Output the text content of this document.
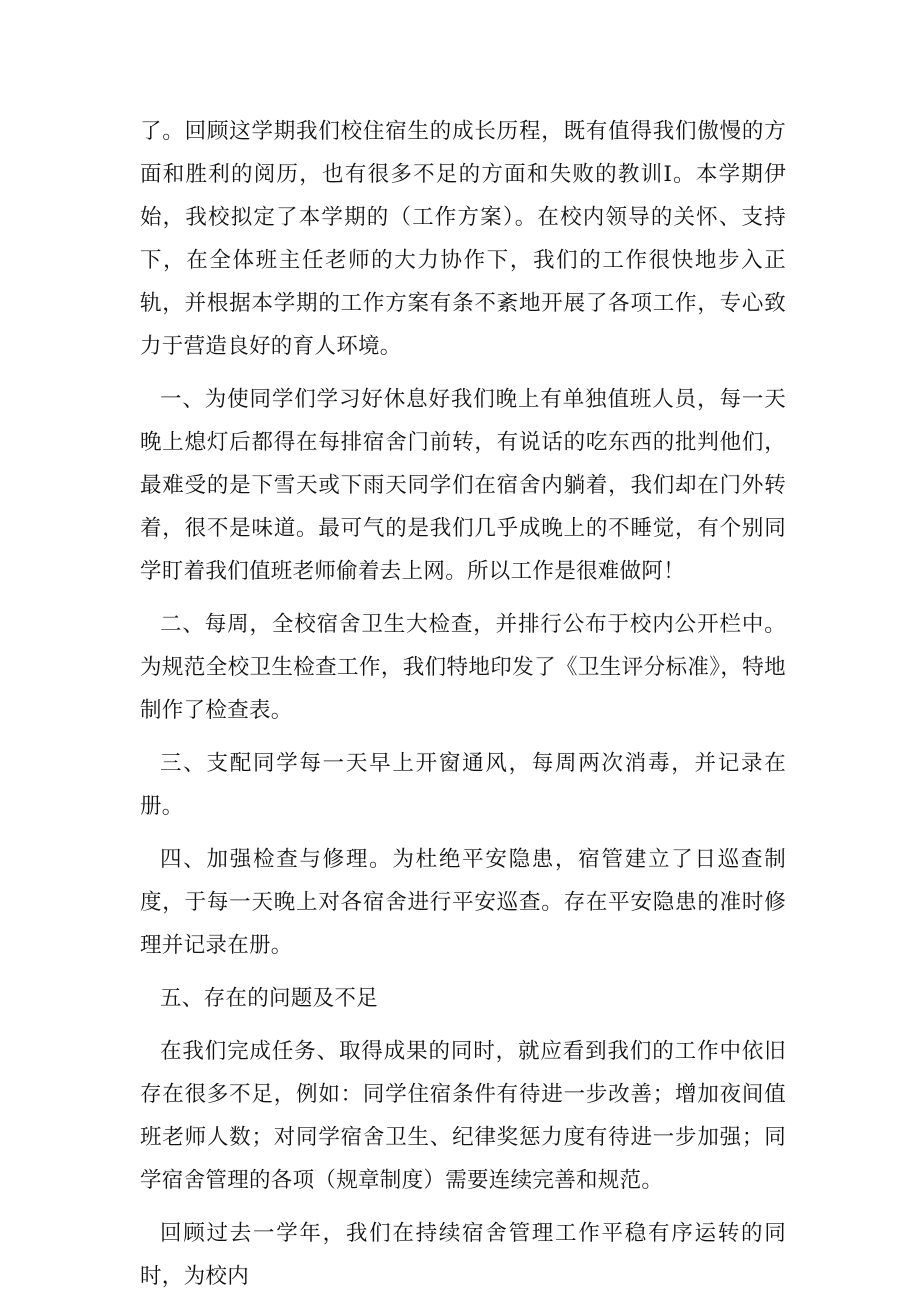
了。回顾这学期我们校住宿生的成长历程，既有值得我们傲慢的方面和胜利的阅历，也有很多不足的方面和失败的教训Ⅰ。本学期伊始，我校拟定了本学期的（工作方案）。在校内领导的关怀、支持下，在全体班主任老师的大力协作下，我们的工作很快地步入正轨，并根据本学期的工作方案有条不紊地开展了各项工作，专心致力于营造良好的育人环境。

一、为使同学们学习好休息好我们晚上有单独值班人员，每一天晚上熄灯后都得在每排宿舍门前转，有说话的吃东西的批判他们，最难受的是下雪天或下雨天同学们在宿舍内躺着，我们却在门外转着，很不是味道。最可气的是我们几乎成晚上的不睡觉，有个别同学盯着我们值班老师偷着去上网。所以工作是很难做阿！

二、每周，全校宿舍卫生大检查，并排行公布于校内公开栏中。为规范全校卫生检查工作，我们特地印发了《卫生评分标准》，特地制作了检查表。

三、支配同学每一天早上开窗通风，每周两次消毒，并记录在册。

四、加强检查与修理。为杜绝平安隐患，宿管建立了日巡查制度，于每一天晚上对各宿舍进行平安巡查。存在平安隐患的准时修理并记录在册。

五、存在的问题及不足

在我们完成任务、取得成果的同时，就应看到我们的工作中依旧存在很多不足，例如：同学住宿条件有待进一步改善；增加夜间值班老师人数；对同学宿舍卫生、纪律奖惩力度有待进一步加强；同学宿舍管理的各项（规章制度）需要连续完善和规范。

回顾过去一学年，我们在持续宿舍管理工作平稳有序运转的同时，为校内
